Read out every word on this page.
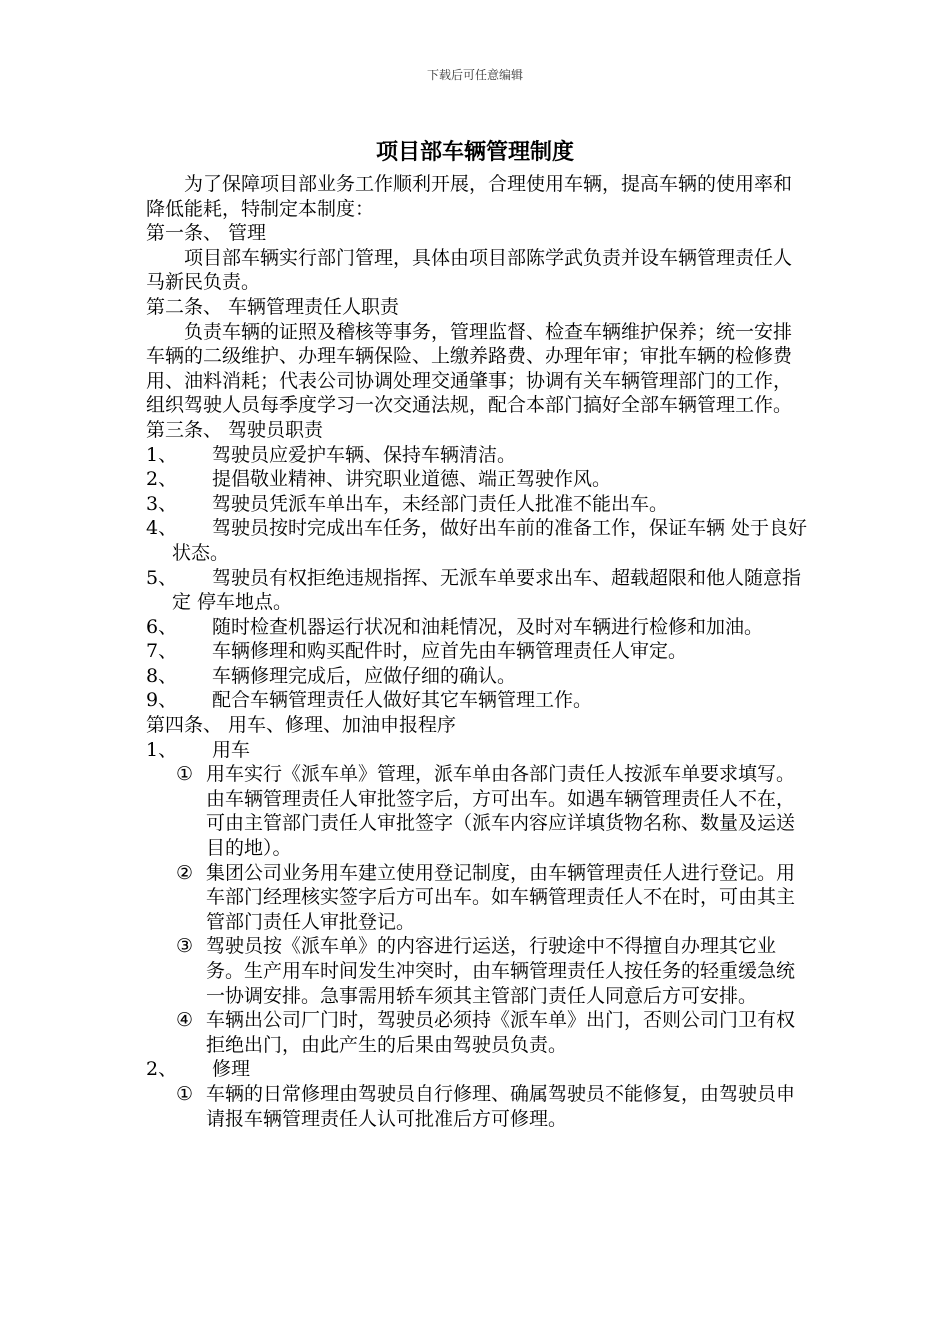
下载后可任意编辑
项目部车辆管理制度

为了保障项目部业务工作顺利开展，合理使用车辆，提高车辆的使用率和降低能耗，特制定本制度：

第一条、 管理

项目部车辆实行部门管理，具体由项目部陈学武负责并设车辆管理责任人马新民负责。

第二条、 车辆管理责任人职责

负责车辆的证照及稽核等事务，管理监督、检查车辆维护保养；统一安排车辆的二级维护、办理车辆保险、上缴养路费、办理年审；审批车辆的检修费用、油料消耗；代表公司协调处理交通肇事；协调有关车辆管理部门的工作，组织驾驶人员每季度学习一次交通法规，配合本部门搞好全部车辆管理工作。

第三条、 驾驶员职责

1、 驾驶员应爱护车辆、保持车辆清洁。
2、 提倡敬业精神、讲究职业道德、端正驾驶作风。
3、 驾驶员凭派车单出车，未经部门责任人批准不能出车。
4、 驾驶员按时完成出车任务，做好出车前的准备工作，保证车辆 处于良好状态。
5、 驾驶员有权拒绝违规指挥、无派车单要求出车、超载超限和他人随意指定 停车地点。
6、 随时检查机器运行状况和油耗情况，及时对车辆进行检修和加油。
7、 车辆修理和购买配件时，应首先由车辆管理责任人审定。
8、 车辆修理完成后，应做仔细的确认。
9、 配合车辆管理责任人做好其它车辆管理工作。

第四条、 用车、修理、加油申报程序

1、	用车
① 用车实行《派车单》管理，派车单由各部门责任人按派车单要求填写。由车辆管理责任人审批签字后，方可出车。如遇车辆管理责任人不在，可由主管部门责任人审批签字（派车内容应详填货物名称、数量及运送目的地）。
② 集团公司业务用车建立使用登记制度，由车辆管理责任人进行登记。用车部门经理核实签字后方可出车。如车辆管理责任人不在时，可由其主管部门责任人审批登记。
③ 驾驶员按《派车单》的内容进行运送，行驶途中不得擅自办理其它业务。生产用车时间发生冲突时，由车辆管理责任人按任务的轻重缓急统一协调安排。急事需用轿车须其主管部门责任人同意后方可安排。
④ 车辆出公司厂门时，驾驶员必须持《派车单》出门，否则公司门卫有权拒绝出门，由此产生的后果由驾驶员负责。
2、	修理
① 车辆的日常修理由驾驶员自行修理、确属驾驶员不能修复，由驾驶员申请报车辆管理责任人认可批准后方可修理。
